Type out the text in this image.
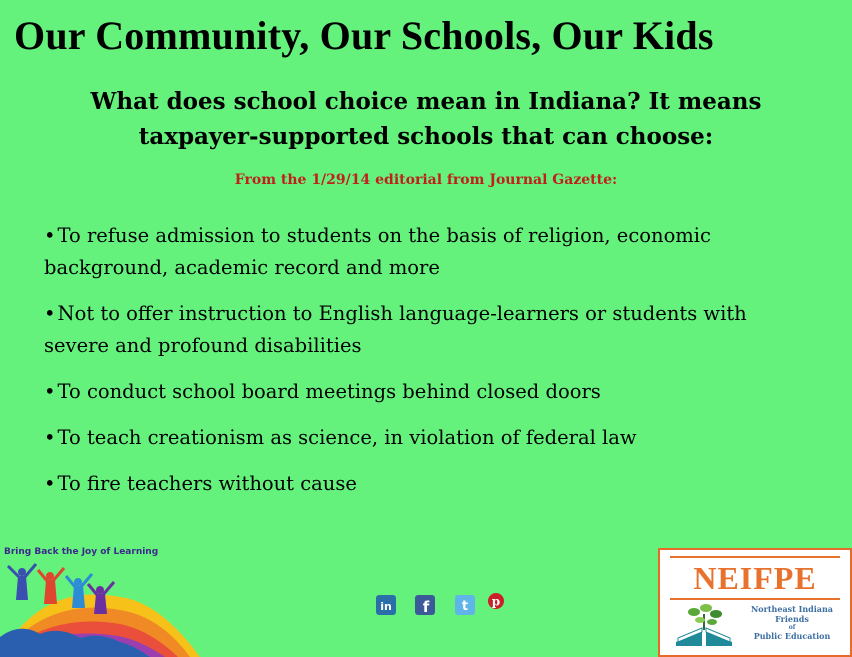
Our Community, Our Schools, Our Kids
What does school choice mean in Indiana? It means
taxpayer-supported schools that can choose:
From the 1/29/14 editorial from Journal Gazette:
• To refuse admission to students on the basis of religion, economic background, academic record and more
• Not to offer instruction to English language-learners or students with severe and profound disabilities
• To conduct school board meetings behind closed doors
• To teach creationism as science, in violation of federal law
• To fire teachers without cause
Bring Back the Joy of Learning
in f	t p
NEIFPE
Northeast Indiana
Friends
of
Public Education
